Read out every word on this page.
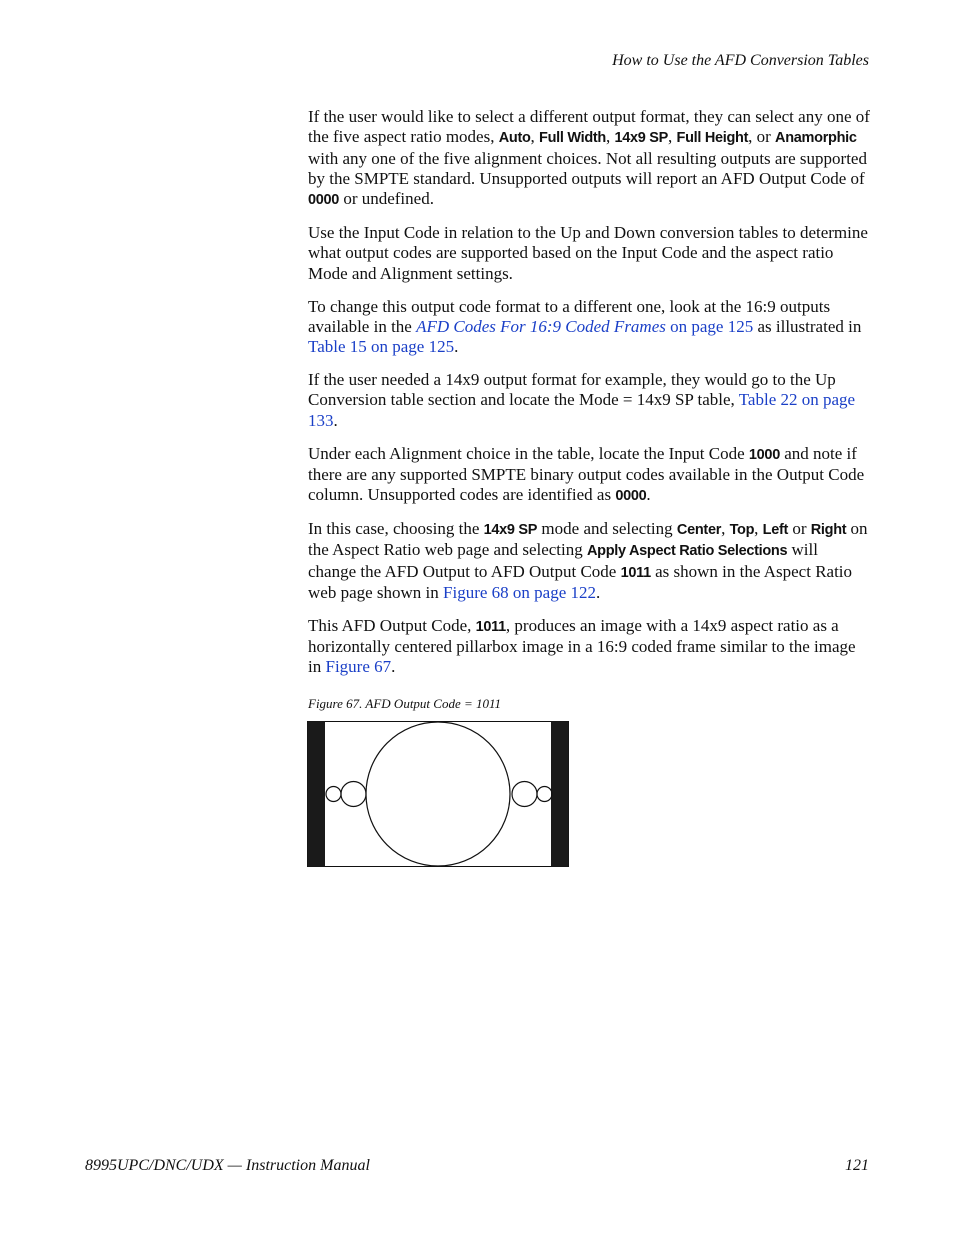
How to Use the AFD Conversion Tables

If the user would like to select a different output format, they can select any one of the five aspect ratio modes, Auto, Full Width, 14x9 SP, Full Height, or Anamorphic with any one of the five alignment choices. Not all resulting outputs are supported by the SMPTE standard. Unsupported outputs will report an AFD Output Code of 0000 or undefined.

Use the Input Code in relation to the Up and Down conversion tables to determine what output codes are supported based on the Input Code and the aspect ratio Mode and Alignment settings.

To change this output code format to a different one, look at the 16:9 outputs available in the AFD Codes For 16:9 Coded Frames on page 125 as illustrated in Table 15 on page 125.

If the user needed a 14x9 output format for example, they would go to the Up Conversion table section and locate the Mode = 14x9 SP table, Table 22 on page 133.

Under each Alignment choice in the table, locate the Input Code 1000 and note if there are any supported SMPTE binary output codes available in the Output Code column. Unsupported codes are identified as 0000.

In this case, choosing the 14x9 SP mode and selecting Center, Top, Left or Right on the Aspect Ratio web page and selecting Apply Aspect Ratio Selections will change the AFD Output to AFD Output Code 1011 as shown in the Aspect Ratio web page shown in Figure 68 on page 122.

This AFD Output Code, 1011, produces an image with a 14x9 aspect ratio as a horizontally centered pillarbox image in a 16:9 coded frame similar to the image in Figure 67.

Figure 67. AFD Output Code = 1011
8995UPC/DNC/UDX — Instruction Manual	121
